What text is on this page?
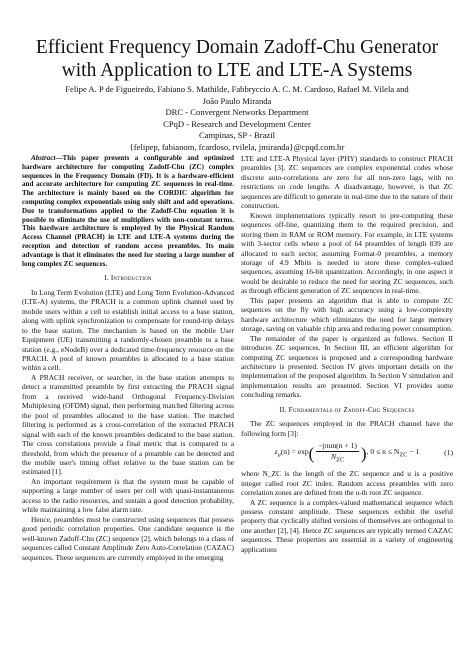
Efficient Frequency Domain Zadoff-Chu Generator with Application to LTE and LTE-A Systems
Felipe A. P de Figueiredo, Fabiano S. Mathilde, Fabbryccio A. C. M. Cardoso, Rafael M. Vilela and João Paulo Miranda
DRC - Convergent Networks Department
CPqD - Research and Development Center
Campinas, SP - Brazil
{felipep, fabianom, fcardoso, rvilela, jmiranda}@cpqd.com.br

Abstract—This paper presents a configurable and optimized hardware architecture for computing Zadoff-Chu (ZC) complex sequences in the Frequency Domain (FD). It is a hardware-efficient and accurate architecture for computing ZC sequences in real-time. The architecture is mainly based on the CORDIC algorithm for computing complex exponentials using only shift and add operations. Due to transformations applied to the Zadoff-Chu equation it is possible to eliminate the use of multipliers with non-constant terms. This hardware architecture is employed by the Physical Random Access Channel (PRACH) in LTE and LTE-A systems during the reception and detection of random access preambles. Its main advantage is that it eliminates the need for storing a large number of long complex ZC sequences.

I. Introduction

In Long Term Evolution (LTE) and Long Term Evolution-Advanced (LTE-A) systems, the PRACH is a common uplink channel used by mobile users within a cell to establish initial access to a base station, along with uplink synchronization to compensate for round-trip delays to the base station. The mechanism is based on the mobile User Equipment (UE) transmitting a randomly-chosen preamble to a base station (e.g., eNodeB) over a dedicated time-frequency resource on the PRACH. A pool of known preambles is allocated to a base station within a cell.

A PRACH receiver, or searcher, in the base station attempts to detect a transmitted preamble by first extracting the PRACH signal from a received wide-band Orthogonal Frequency-Division Multiplexing (OFDM) signal, then performing matched filtering across the pool of preambles allocated to the base station. The matched filtering is performed as a cross-correlation of the extracted PRACH signal with each of the known preambles dedicated to the base station. The cross correlations provide a final metric that is compared to a threshold, from which the presence of a preamble can be detected and the mobile user's timing offset relative to the base station can be estimated [1].

An important requirement is that the system must be capable of supporting a large number of users per cell with quasi-instantaneous access to the radio resources, and sustain a good detection probability, while maintaining a low false alarm rate.

Hence, preambles must be constructed using sequences that possess good periodic correlation properties. One candidate sequence is the well-known Zadoff-Chu (ZC) sequence [2], which belongs to a class of sequences called Constant Amplitude Zero Auto-Correlation (CAZAC) sequences. These sequences are currently employed in the emerging

LTE and LTE-A Physical layer (PHY) standards to construct PRACH preambles [3]. ZC sequences are complex exponential codes whose discrete auto-correlations are zero for all non-zero lags, with no restrictions on code lengths. A disadvantage, however, is that ZC sequences are difficult to generate in real-time due to the nature of their construction.

Known implementations typically resort to pre-computing these sequences off-line, quantizing them to the required precision, and storing them in RAM or ROM memory. For example, in LTE systems with 3-sector cells where a pool of 64 preambles of length 839 are allocated to each sector, assuming Format-0 preambles, a memory storage of 4.9 Mbits is needed to store these complex-valued sequences, assuming 16-bit quantization. Accordingly, in one aspect it would be desirable to reduce the need for storing ZC sequences, such as through efficient generation of ZC sequences in real-time.

This paper presents an algorithm that is able to compute ZC sequences on the fly with high accuracy using a low-complexity hardware architecture which eliminates the need for large memory storage, saving on valuable chip area and reducing power consumption.

The remainder of the paper is organized as follows. Section II introduces ZC sequences. In Section III, an efficient algorithm for computing ZC sequences is proposed and a corresponding hardware architecture is presented. Section IV gives important details on the implementation of the proposed algorithm. In Section V simulation and implementation results are presented. Section VI provides some concluding remarks.

II. Fundamentals of Zadoff-Chu Sequences

The ZC sequences employed in the PRACH channel have the following form [3]:

$z_u(n) = \exp$ ( $\frac{\text{−jπun(n + 1)}}{N_{ZC}}$ ) , $0 \le n \le N_{ZC} - 1$	(1)

where N_ZC is the length of the ZC sequence and u is a positive integer called root ZC index. Random access preambles with zero correlation zones are defined from the u-th root ZC sequence.

A ZC sequence is a complex-valued mathematical sequence which possess constant amplitude. These sequences exhibit the useful property that cyclically shifted versions of themselves are orthogonal to one another [2], [4]. Hence ZC sequences are typically termed CAZAC sequences. These properties are essential in a variety of engineering applications
